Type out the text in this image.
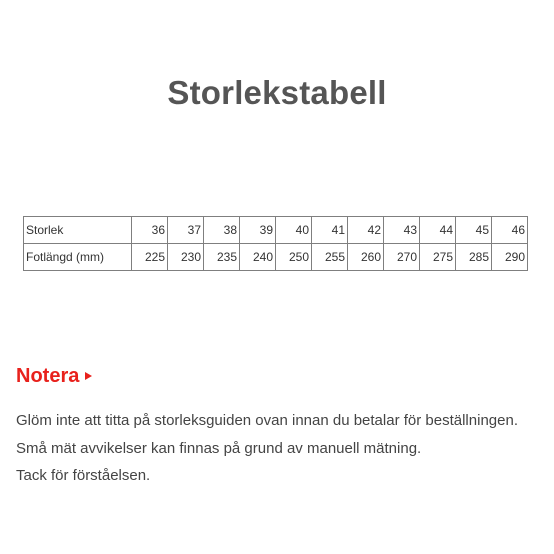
Storlekstabell
Storlek	36	37	38	39	40	41	42	43	44	45	46
Fotlängd (mm)	225	230	235	240	250	255	260	270	275	285	290
Notera
Glöm inte att titta på storleksguiden ovan innan du betalar för beställningen.
Små mät avvikelser kan finnas på grund av manuell mätning.
Tack för förståelsen.
